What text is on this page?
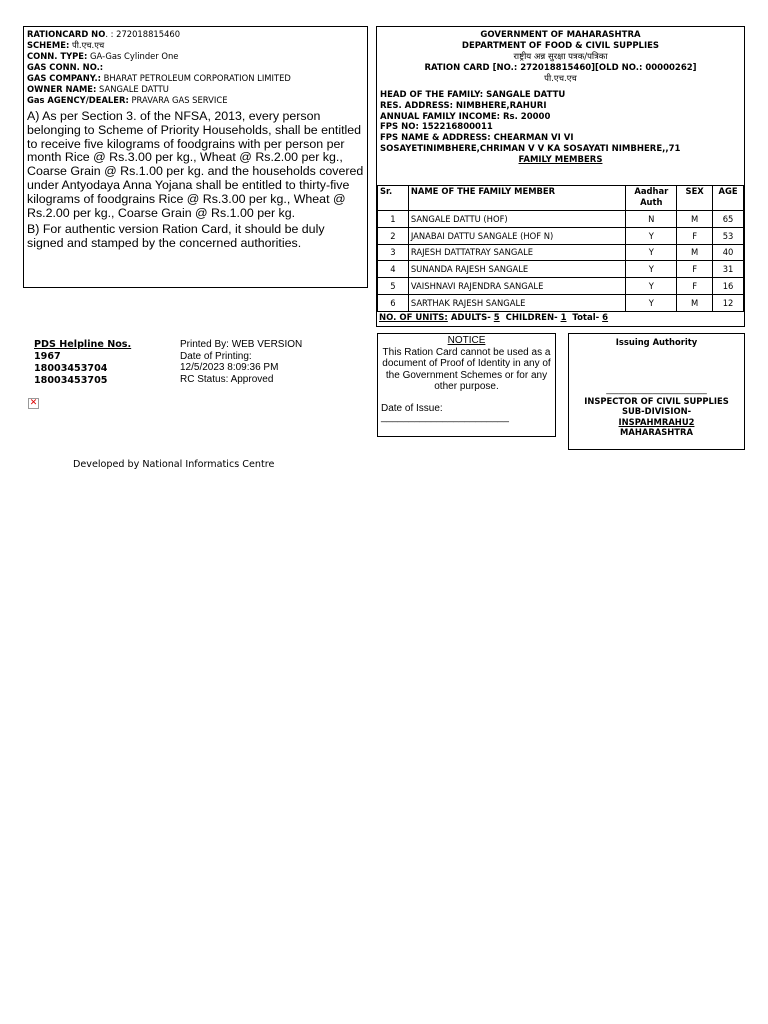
RATIONCARD NO. : 272018815460
SCHEME: पी.एच.एच
CONN. TYPE: GA-Gas Cylinder One
GAS CONN. NO.:
GAS COMPANY.: BHARAT PETROLEUM CORPORATION LIMITED
OWNER NAME: SANGALE DATTU
Gas AGENCY/DEALER: PRAVARA GAS SERVICE
A) As per Section 3. of the NFSA, 2013, every person belonging to Scheme of Priority Households, shall be entitled to receive five kilograms of foodgrains with per person per month Rice @ Rs.3.00 per kg., Wheat @ Rs.2.00 per kg., Coarse Grain @ Rs.1.00 per kg. and the households covered under Antyodaya Anna Yojana shall be entitled to thirty-five kilograms of foodgrains Rice @ Rs.3.00 per kg., Wheat @ Rs.2.00 per kg., Coarse Grain @ Rs.1.00 per kg.
B) For authentic version Ration Card, it should be duly signed and stamped by the concerned authorities.
GOVERNMENT OF MAHARASHTRA
DEPARTMENT OF FOOD & CIVIL SUPPLIES
राष्ट्रीय अन्न सुरक्षा पत्रक/पत्रिका
RATION CARD [NO.: 272018815460][OLD NO.: 00000262]
पी.एच.एच
HEAD OF THE FAMILY: SANGALE DATTU
RES. ADDRESS: NIMBHERE,RAHURI
ANNUAL FAMILY INCOME: Rs. 20000
FPS NO: 152216800011
FPS NAME & ADDRESS: CHEARMAN VI VI
SOSAYETINIMBHERE,CHRIMAN V V KA SOSAYATI NIMBHERE,,71
FAMILY MEMBERS
Sr.	NAME OF THE FAMILY MEMBER	Aadhar Auth	SEX	AGE
1	SANGALE DATTU (HOF)	N	M	65
2	JANABAI DATTU SANGALE (HOF N)	Y	F	53
3	RAJESH DATTATRAY SANGALE	Y	M	40
4	SUNANDA RAJESH SANGALE	Y	F	31
5	VAISHNAVI RAJENDRA SANGALE	Y	F	16
6	SARTHAK RAJESH SANGALE	Y	M	12
NO. OF UNITS: ADULTS- 5 CHILDREN- 1 Total- 6
PDS Helpline Nos.
1967
18003453704
18003453705
Printed By: WEB VERSION
Date of Printing:
12/5/2023 8:09:36 PM
RC Status: Approved
✕
NOTICE
This Ration Card cannot be used as a document of Proof of Identity in any of the Government Schemes or for any other purpose.
Date of Issue:
_______________________
Issuing Authority
________________________
INSPECTOR OF CIVIL SUPPLIES
SUB-DIVISION-
INSPAHMRAHU2
MAHARASHTRA
Developed by National Informatics Centre
